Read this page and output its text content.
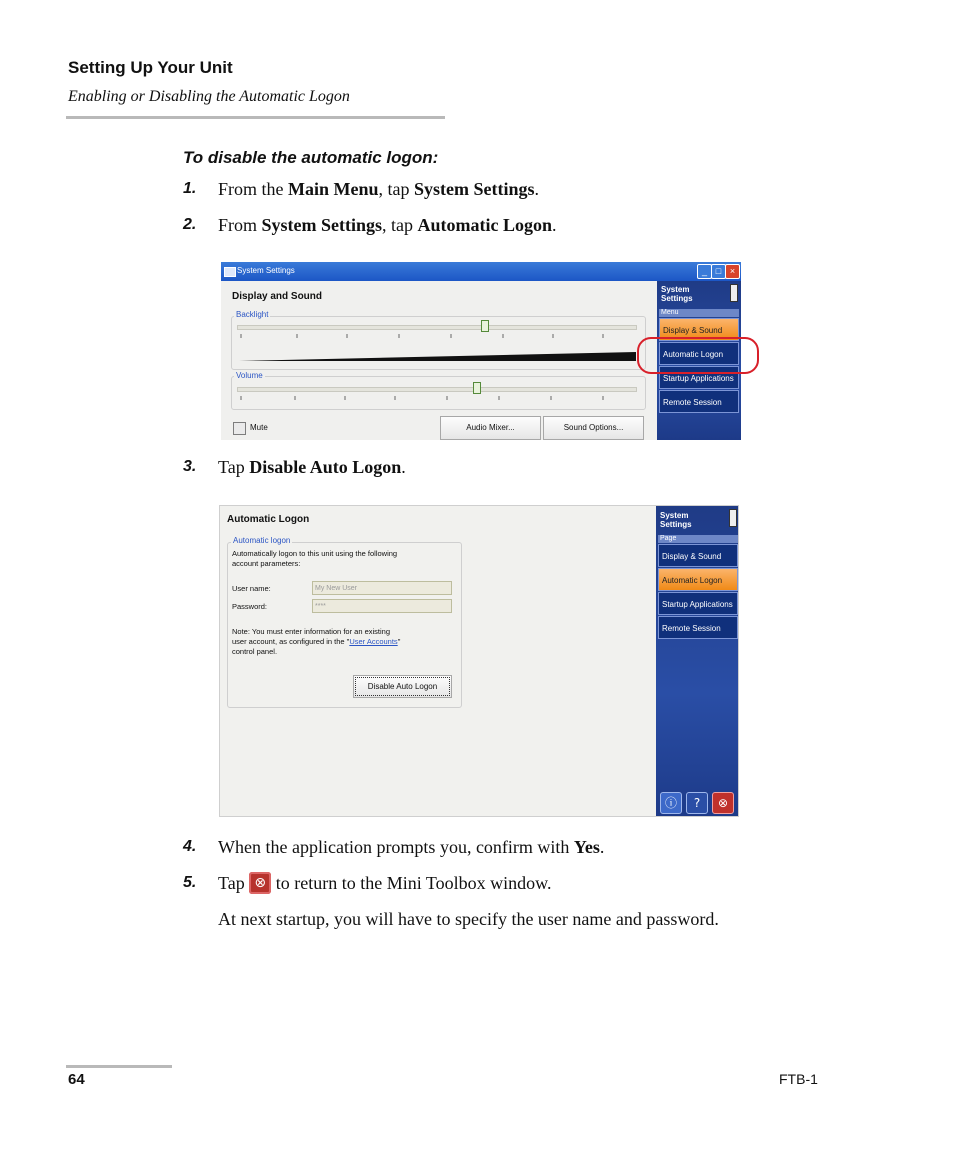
Setting Up Your Unit
Enabling or Disabling the Automatic Logon
To disable the automatic logon:
1. From the Main Menu, tap System Settings.
2. From System Settings, tap Automatic Logon.
System Settings	_ □ ×
Display and Sound
Backlight
Volume
Mute	Audio Mixer...	Sound Options...
System
Settings
Menu
Display & Sound
Automatic Logon
Startup Applications
Remote Session
3. Tap Disable Auto Logon.
Automatic Logon
Automatic logon
Automatically logon to this unit using the following
account parameters:
User name:	My New User
Password:	****
Note: You must enter information for an existing
user account, as configured in the "User Accounts"
control panel.
Disable Auto Logon
System
Settings
Page
Display & Sound
Automatic Logon
Startup Applications
Remote Session
ⓘ	?	⊗
4. When the application prompts you, confirm with Yes.
5. Tap ⊗ to return to the Mini Toolbox window.
At next startup, you will have to specify the user name and password.
64	FTB-1
